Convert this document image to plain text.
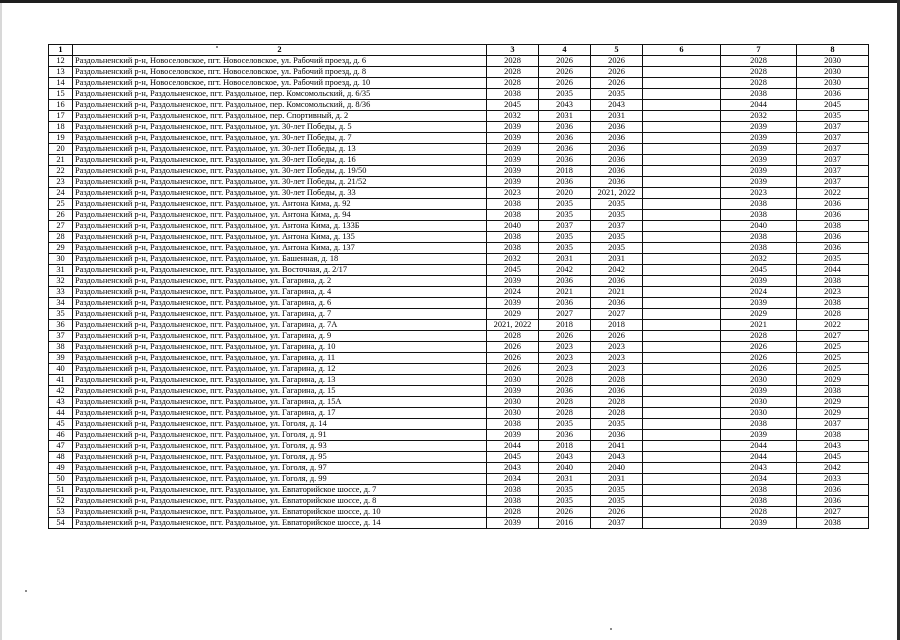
1	2	3	4	5	6	7	8
12	Раздольненский р-н, Новоселовское, пгт. Новоселовское, ул. Рабочий проезд, д. 6	2028	2026	2026		2028	2030
13	Раздольненский р-н, Новоселовское, пгт. Новоселовское, ул. Рабочий проезд, д. 8	2028	2026	2026		2028	2030
14	Раздольненский р-н, Новоселовское, пгт. Новоселовское, ул. Рабочий проезд, д. 10	2028	2026	2026		2028	2030
15	Раздольненский р-н, Раздольненское, пгт. Раздольное, пер. Комсомольский, д. 6/35	2038	2035	2035		2038	2036
16	Раздольненский р-н, Раздольненское, пгт. Раздольное, пер. Комсомольский, д. 8/36	2045	2043	2043		2044	2045
17	Раздольненский р-н, Раздольненское, пгт. Раздольное, пер. Спортивный, д. 2	2032	2031	2031		2032	2035
18	Раздольненский р-н, Раздольненское, пгт. Раздольное, ул. 30-лет Победы, д. 5	2039	2036	2036		2039	2037
19	Раздольненский р-н, Раздольненское, пгт. Раздольное, ул. 30-лет Победы, д. 7	2039	2036	2036		2039	2037
20	Раздольненский р-н, Раздольненское, пгт. Раздольное, ул. 30-лет Победы, д. 13	2039	2036	2036		2039	2037
21	Раздольненский р-н, Раздольненское, пгт. Раздольное, ул. 30-лет Победы, д. 16	2039	2036	2036		2039	2037
22	Раздольненский р-н, Раздольненское, пгт. Раздольное, ул. 30-лет Победы, д. 19/50	2039	2018	2036		2039	2037
23	Раздольненский р-н, Раздольненское, пгт. Раздольное, ул. 30-лет Победы, д. 21/52	2039	2036	2036		2039	2037
24	Раздольненский р-н, Раздольненское, пгт. Раздольное, ул. 30-лет Победы, д. 33	2023	2020	2021, 2022		2023	2022
25	Раздольненский р-н, Раздольненское, пгт. Раздольное, ул. Антона Кима, д. 92	2038	2035	2035		2038	2036
26	Раздольненский р-н, Раздольненское, пгт. Раздольное, ул. Антона Кима, д. 94	2038	2035	2035		2038	2036
27	Раздольненский р-н, Раздольненское, пгт. Раздольное, ул. Антона Кима, д. 133Б	2040	2037	2037		2040	2038
28	Раздольненский р-н, Раздольненское, пгт. Раздольное, ул. Антона Кима, д. 135	2038	2035	2035		2038	2036
29	Раздольненский р-н, Раздольненское, пгт. Раздольное, ул. Антона Кима, д. 137	2038	2035	2035		2038	2036
30	Раздольненский р-н, Раздольненское, пгт. Раздольное, ул. Башенная, д. 18	2032	2031	2031		2032	2035
31	Раздольненский р-н, Раздольненское, пгт. Раздольное, ул. Восточная, д. 2/17	2045	2042	2042		2045	2044
32	Раздольненский р-н, Раздольненское, пгт. Раздольное, ул. Гагарина, д. 2	2039	2036	2036		2039	2038
33	Раздольненский р-н, Раздольненское, пгт. Раздольное, ул. Гагарина, д. 4	2024	2021	2021		2024	2023
34	Раздольненский р-н, Раздольненское, пгт. Раздольное, ул. Гагарина, д. 6	2039	2036	2036		2039	2038
35	Раздольненский р-н, Раздольненское, пгт. Раздольное, ул. Гагарина, д. 7	2029	2027	2027		2029	2028
36	Раздольненский р-н, Раздольненское, пгт. Раздольное, ул. Гагарина, д. 7А	2021, 2022	2018	2018		2021	2022
37	Раздольненский р-н, Раздольненское, пгт. Раздольное, ул. Гагарина, д. 9	2028	2026	2026		2028	2027
38	Раздольненский р-н, Раздольненское, пгт. Раздольное, ул. Гагарина, д. 10	2026	2023	2023		2026	2025
39	Раздольненский р-н, Раздольненское, пгт. Раздольное, ул. Гагарина, д. 11	2026	2023	2023		2026	2025
40	Раздольненский р-н, Раздольненское, пгт. Раздольное, ул. Гагарина, д. 12	2026	2023	2023		2026	2025
41	Раздольненский р-н, Раздольненское, пгт. Раздольное, ул. Гагарина, д. 13	2030	2028	2028		2030	2029
42	Раздольненский р-н, Раздольненское, пгт. Раздольное, ул. Гагарина, д. 15	2039	2036	2036		2039	2038
43	Раздольненский р-н, Раздольненское, пгт. Раздольное, ул. Гагарина, д. 15А	2030	2028	2028		2030	2029
44	Раздольненский р-н, Раздольненское, пгт. Раздольное, ул. Гагарина, д. 17	2030	2028	2028		2030	2029
45	Раздольненский р-н, Раздольненское, пгт. Раздольное, ул. Гоголя, д. 14	2038	2035	2035		2038	2037
46	Раздольненский р-н, Раздольненское, пгт. Раздольное, ул. Гоголя, д. 91	2039	2036	2036		2039	2038
47	Раздольненский р-н, Раздольненское, пгт. Раздольное, ул. Гоголя, д. 93	2044	2018	2041		2044	2043
48	Раздольненский р-н, Раздольненское, пгт. Раздольное, ул. Гоголя, д. 95	2045	2043	2043		2044	2045
49	Раздольненский р-н, Раздольненское, пгт. Раздольное, ул. Гоголя, д. 97	2043	2040	2040		2043	2042
50	Раздольненский р-н, Раздольненское, пгт. Раздольное, ул. Гоголя, д. 99	2034	2031	2031		2034	2033
51	Раздольненский р-н, Раздольненское, пгт. Раздольное, ул. Евпаторийское шоссе, д. 7	2038	2035	2035		2038	2036
52	Раздольненский р-н, Раздольненское, пгт. Раздольное, ул. Евпаторийское шоссе, д. 8	2038	2035	2035		2038	2036
53	Раздольненский р-н, Раздольненское, пгт. Раздольное, ул. Евпаторийское шоссе, д. 10	2028	2026	2026		2028	2027
54	Раздольненский р-н, Раздольненское, пгт. Раздольное, ул. Евпаторийское шоссе, д. 14	2039	2016	2037		2039	2038
